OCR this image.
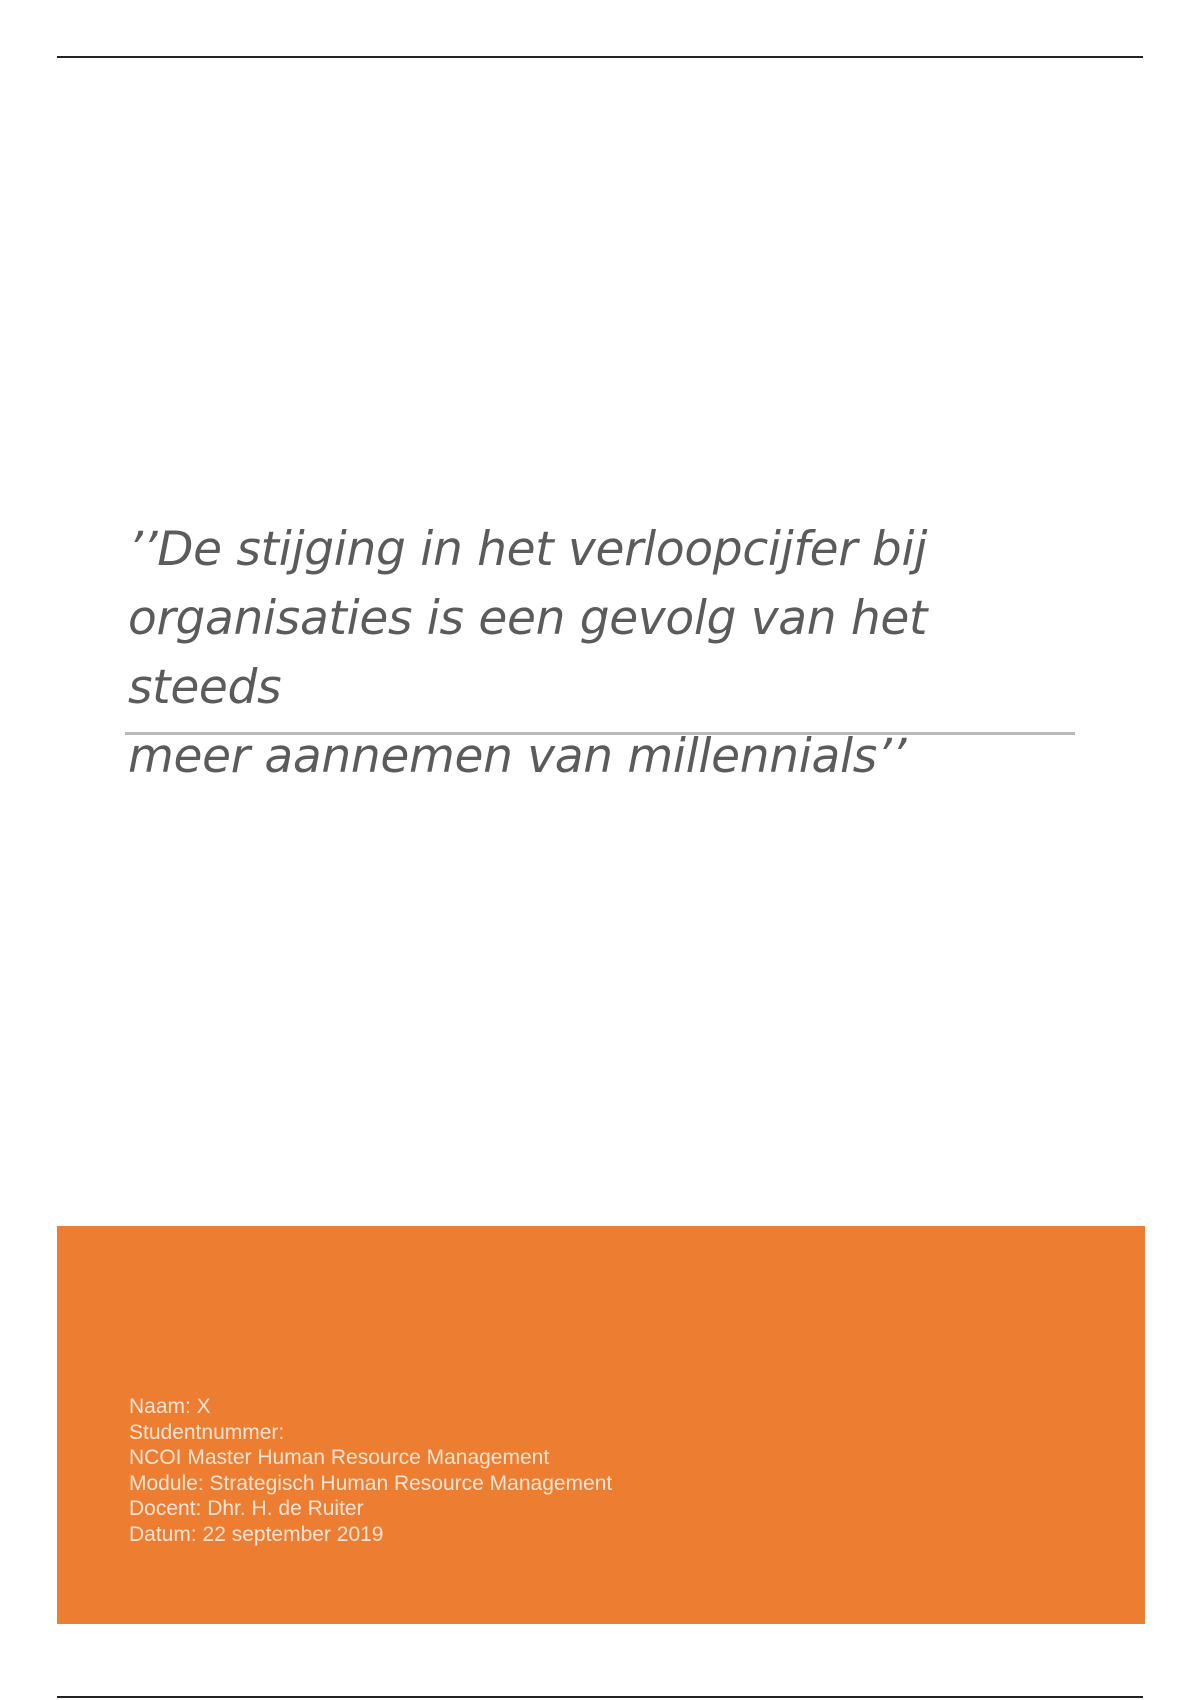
’’De stijging in het verloopcijfer bij
organisaties is een gevolg van het steeds
meer aannemen van millennials’’

Naam: X
Studentnummer:
NCOI Master Human Resource Management
Module: Strategisch Human Resource Management
Docent: Dhr. H. de Ruiter
Datum: 22 september 2019
